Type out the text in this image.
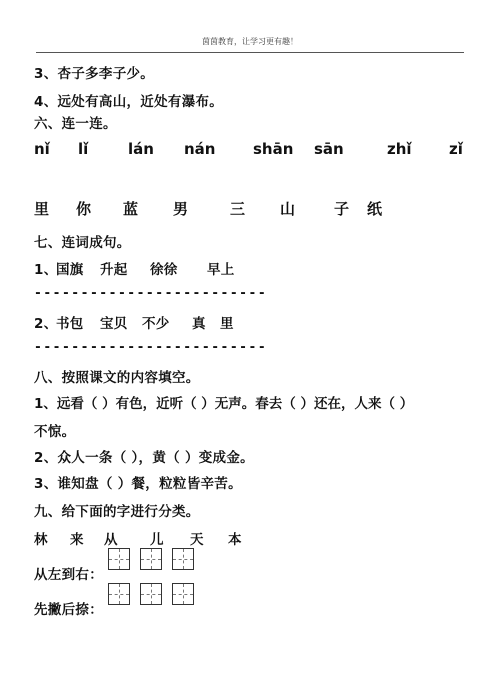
茵茵教育，让学习更有趣！
3、杏子多李子少。
4、远处有高山，近处有瀑布。
六、连一连。
nǐ lǐ	lán nán	shān sān	zhǐ zǐ
里 你 蓝 男	三 山	子 纸
七、连词成句。
1、
国旗 升起 徐徐 早上
-------------------------
2、
书包 宝贝 不少 真 里
-------------------------
八、按照课文的内容填空。
1、远看（ ）有色，近听（ ）无声。春去（ ）还在，人来（ ）
不惊。
2、众人一条（ ），黄（ ）变成金。
3、谁知盘（ ）餐，粒粒皆辛苦。
九、给下面的字进行分类。
林 来 从 儿 天 本
从左到右：
先撇后捺：
